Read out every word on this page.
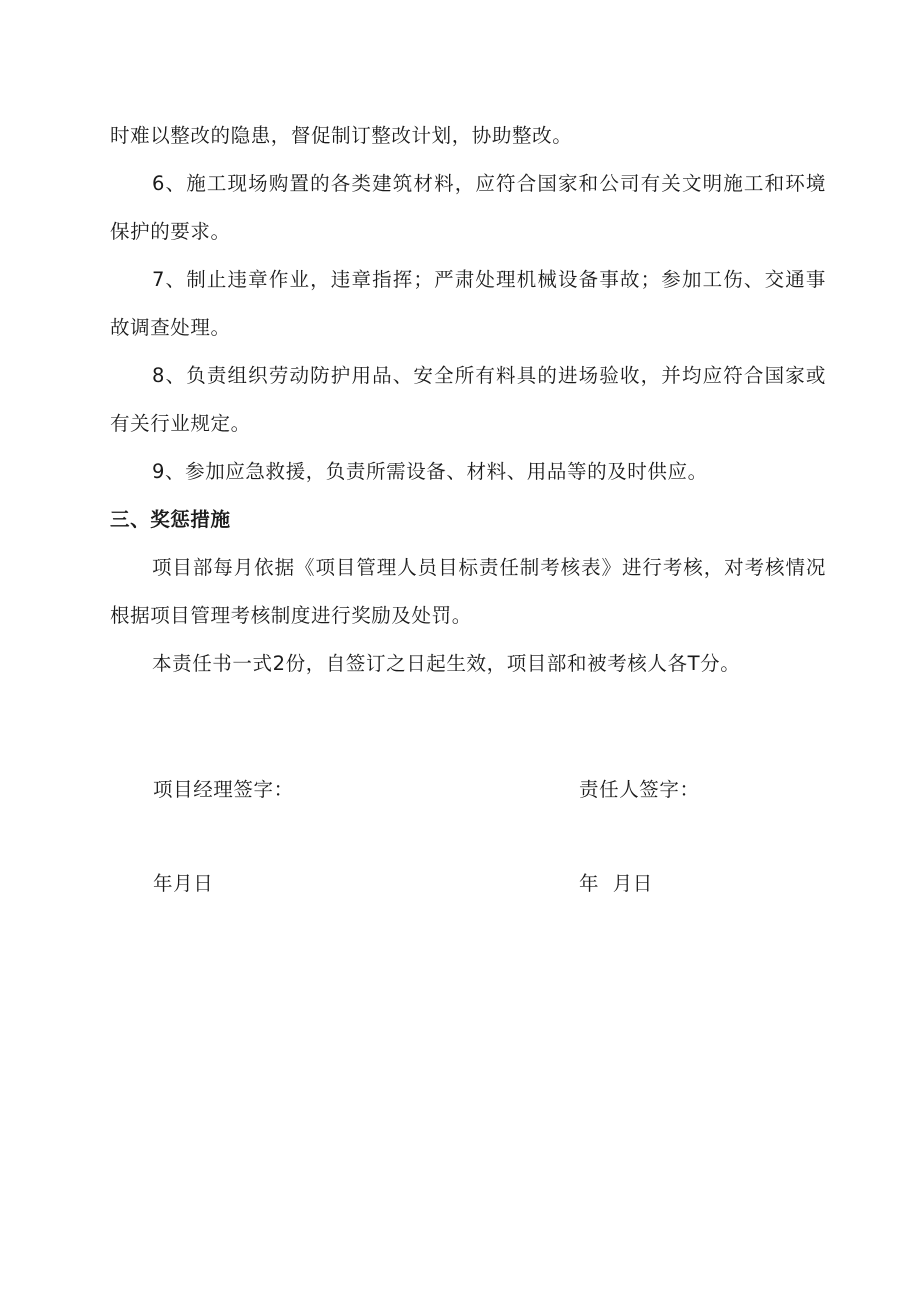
时难以整改的隐患，督促制订整改计划，协助整改。

6、施工现场购置的各类建筑材料，应符合国家和公司有关文明施工和环境保护的要求。

7、制止违章作业，违章指挥；严肃处理机械设备事故；参加工伤、交通事故调查处理。

8、负责组织劳动防护用品、安全所有料具的进场验收，并均应符合国家或有关行业规定。

9、参加应急救援，负责所需设备、材料、用品等的及时供应。

三、奖惩措施

项目部每月依据《项目管理人员目标责任制考核表》进行考核，对考核情况根据项目管理考核制度进行奖励及处罚。

本责任书一式2份，自签订之日起生效，项目部和被考核人各T分。

项目经理签字：	责任人签字：
年月日	年  月日
